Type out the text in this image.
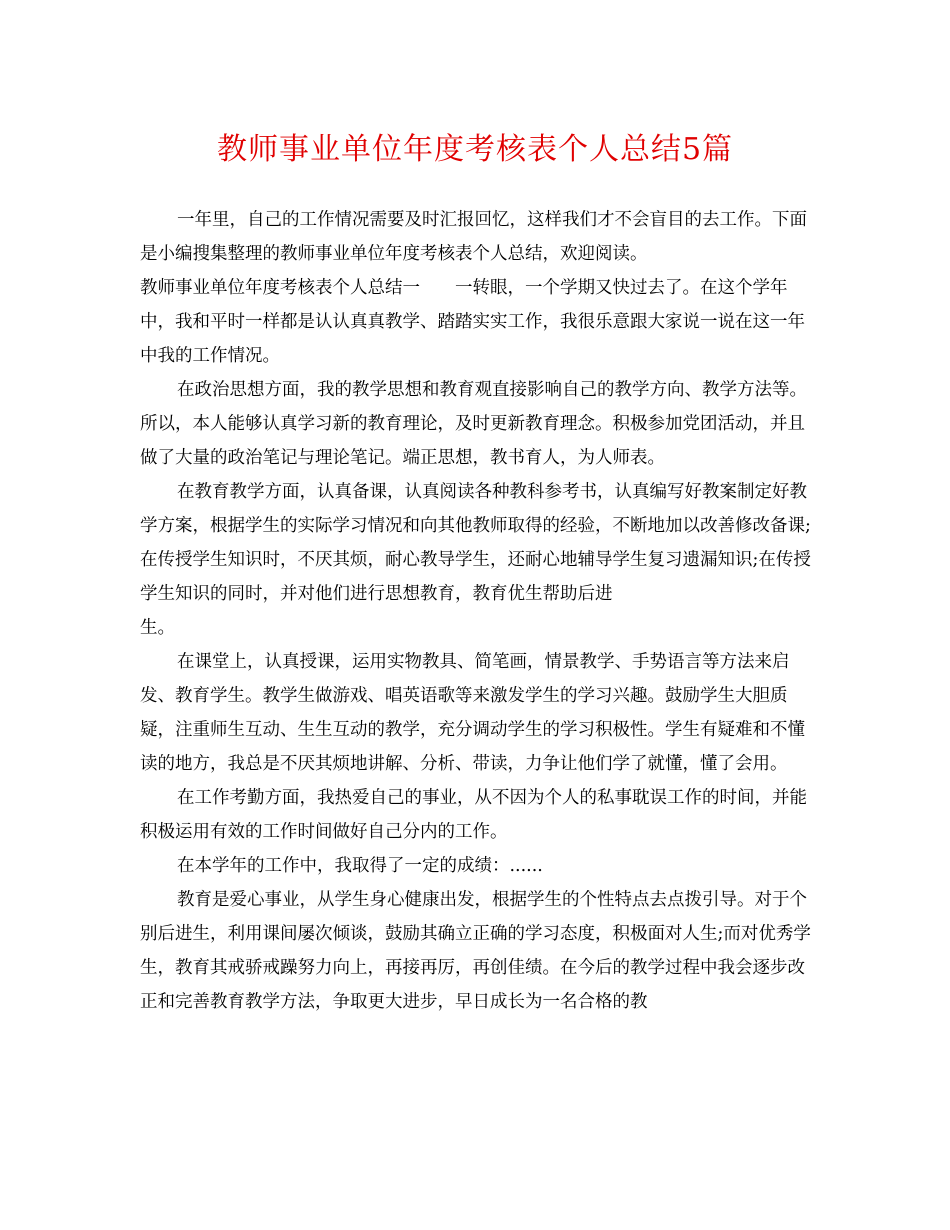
教师事业单位年度考核表个人总结5篇

一年里，自己的工作情况需要及时汇报回忆，这样我们才不会盲目的去工作。下面是小编搜集整理的教师事业单位年度考核表个人总结，欢迎阅读。

教师事业单位年度考核表个人总结一　　一转眼，一个学期又快过去了。在这个学年中，我和平时一样都是认认真真教学、踏踏实实工作，我很乐意跟大家说一说在这一年中我的工作情况。

在政治思想方面，我的教学思想和教育观直接影响自己的教学方向、教学方法等。所以，本人能够认真学习新的教育理论，及时更新教育理念。积极参加党团活动，并且做了大量的政治笔记与理论笔记。端正思想，教书育人，为人师表。

在教育教学方面，认真备课，认真阅读各种教科参考书，认真编写好教案制定好教学方案，根据学生的实际学习情况和向其他教师取得的经验，不断地加以改善修改备课;在传授学生知识时，不厌其烦，耐心教导学生，还耐心地辅导学生复习遗漏知识;在传授学生知识的同时，并对他们进行思想教育，教育优生帮助后进

生。

在课堂上，认真授课，运用实物教具、简笔画，情景教学、手势语言等方法来启发、教育学生。教学生做游戏、唱英语歌等来激发学生的学习兴趣。鼓励学生大胆质疑，注重师生互动、生生互动的教学，充分调动学生的学习积极性。学生有疑难和不懂读的地方，我总是不厌其烦地讲解、分析、带读，力争让他们学了就懂，懂了会用。

在工作考勤方面，我热爱自己的事业，从不因为个人的私事耽误工作的时间，并能积极运用有效的工作时间做好自己分内的工作。

在本学年的工作中，我取得了一定的成绩：......

教育是爱心事业，从学生身心健康出发，根据学生的个性特点去点拨引导。对于个别后进生，利用课间屡次倾谈，鼓励其确立正确的学习态度，积极面对人生;而对优秀学生，教育其戒骄戒躁努力向上，再接再厉，再创佳绩。在今后的教学过程中我会逐步改正和完善教育教学方法，争取更大进步，早日成长为一名合格的教
